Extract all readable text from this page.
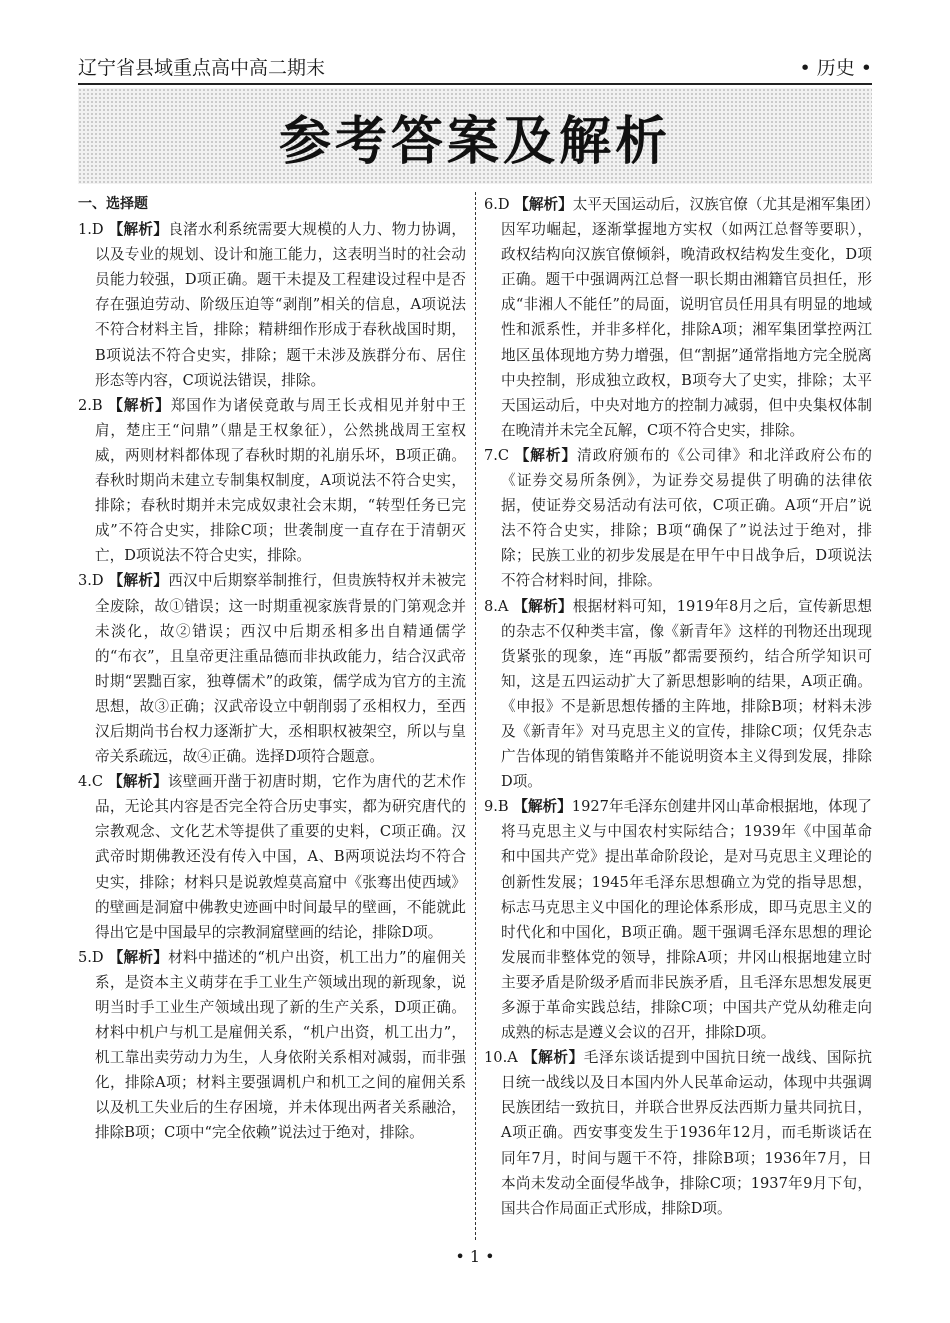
辽宁省县域重点高中高二期末	• 历史 •
参考答案及解析
一、选择题

1.D 【解析】良渚水利系统需要大规模的人力、物力协调，以及专业的规划、设计和施工能力，这表明当时的社会动员能力较强，D项正确。题干未提及工程建设过程中是否存在强迫劳动、阶级压迫等“剥削”相关的信息，A项说法不符合材料主旨，排除；精耕细作形成于春秋战国时期，B项说法不符合史实，排除；题干未涉及族群分布、居住形态等内容，C项说法错误，排除。

2.B 【解析】郑国作为诸侯竟敢与周王长戎相见并射中王肩，楚庄王“问鼎”（鼎是王权象征），公然挑战周王室权威，两则材料都体现了春秋时期的礼崩乐坏，B项正确。春秋时期尚未建立专制集权制度，A项说法不符合史实，排除；春秋时期并未完成奴隶社会末期，“转型任务已完成”不符合史实，排除C项；世袭制度一直存在于清朝灭亡，D项说法不符合史实，排除。

3.D 【解析】西汉中后期察举制推行，但贵族特权并未被完全废除，故①错误；这一时期重视家族背景的门第观念并未淡化，故②错误；西汉中后期丞相多出自精通儒学的“布衣”，且皇帝更注重品德而非执政能力，结合汉武帝时期“罢黜百家，独尊儒术”的政策，儒学成为官方的主流思想，故③正确；汉武帝设立中朝削弱了丞相权力，至西汉后期尚书台权力逐渐扩大，丞相职权被架空，所以与皇帝关系疏远，故④正确。选择D项符合题意。

4.C 【解析】该壁画开凿于初唐时期，它作为唐代的艺术作品，无论其内容是否完全符合历史事实，都为研究唐代的宗教观念、文化艺术等提供了重要的史料，C项正确。汉武帝时期佛教还没有传入中国，A、B两项说法均不符合史实，排除；材料只是说敦煌莫高窟中《张骞出使西域》的壁画是洞窟中佛教史迹画中时间最早的壁画，不能就此得出它是中国最早的宗教洞窟壁画的结论，排除D项。

5.D 【解析】材料中描述的“机户出资，机工出力”的雇佣关系，是资本主义萌芽在手工业生产领域出现的新现象，说明当时手工业生产领域出现了新的生产关系，D项正确。材料中机户与机工是雇佣关系，“机户出资，机工出力”，机工靠出卖劳动力为生，人身依附关系相对减弱，而非强化，排除A项；材料主要强调机户和机工之间的雇佣关系以及机工失业后的生存困境，并未体现出两者关系融洽，排除B项；C项中“完全依赖”说法过于绝对，排除。

6.D 【解析】太平天国运动后，汉族官僚（尤其是湘军集团）因军功崛起，逐渐掌握地方实权（如两江总督等要职），政权结构向汉族官僚倾斜，晚清政权结构发生变化，D项正确。题干中强调两江总督一职长期由湘籍官员担任，形成“非湘人不能任”的局面，说明官员任用具有明显的地域性和派系性，并非多样化，排除A项；湘军集团掌控两江地区虽体现地方势力增强，但“割据”通常指地方完全脱离中央控制，形成独立政权，B项夸大了史实，排除；太平天国运动后，中央对地方的控制力减弱，但中央集权体制在晚清并未完全瓦解，C项不符合史实，排除。

7.C 【解析】清政府颁布的《公司律》和北洋政府公布的《证券交易所条例》，为证券交易提供了明确的法律依据，使证券交易活动有法可依，C项正确。A项“开启”说法不符合史实，排除；B项“确保了”说法过于绝对，排除；民族工业的初步发展是在甲午中日战争后，D项说法不符合材料时间，排除。

8.A 【解析】根据材料可知，1919年8月之后，宣传新思想的杂志不仅种类丰富，像《新青年》这样的刊物还出现现货紧张的现象，连“再版”都需要预约，结合所学知识可知，这是五四运动扩大了新思想影响的结果，A项正确。《申报》不是新思想传播的主阵地，排除B项；材料未涉及《新青年》对马克思主义的宣传，排除C项；仅凭杂志广告体现的销售策略并不能说明资本主义得到发展，排除D项。

9.B 【解析】1927年毛泽东创建井冈山革命根据地，体现了将马克思主义与中国农村实际结合；1939年《中国革命和中国共产党》提出革命阶段论，是对马克思主义理论的创新性发展；1945年毛泽东思想确立为党的指导思想，标志马克思主义中国化的理论体系形成，即马克思主义的时代化和中国化，B项正确。题干强调毛泽东思想的理论发展而非整体党的领导，排除A项；井冈山根据地建立时主要矛盾是阶级矛盾而非民族矛盾，且毛泽东思想发展更多源于革命实践总结，排除C项；中国共产党从幼稚走向成熟的标志是遵义会议的召开，排除D项。

10.A 【解析】毛泽东谈话提到中国抗日统一战线、国际抗日统一战线以及日本国内外人民革命运动，体现中共强调民族团结一致抗日，并联合世界反法西斯力量共同抗日，A项正确。西安事变发生于1936年12月，而毛斯谈话在同年7月，时间与题干不符，排除B项；1936年7月，日本尚未发动全面侵华战争，排除C项；1937年9月下旬，国共合作局面正式形成，排除D项。

• 1 •
